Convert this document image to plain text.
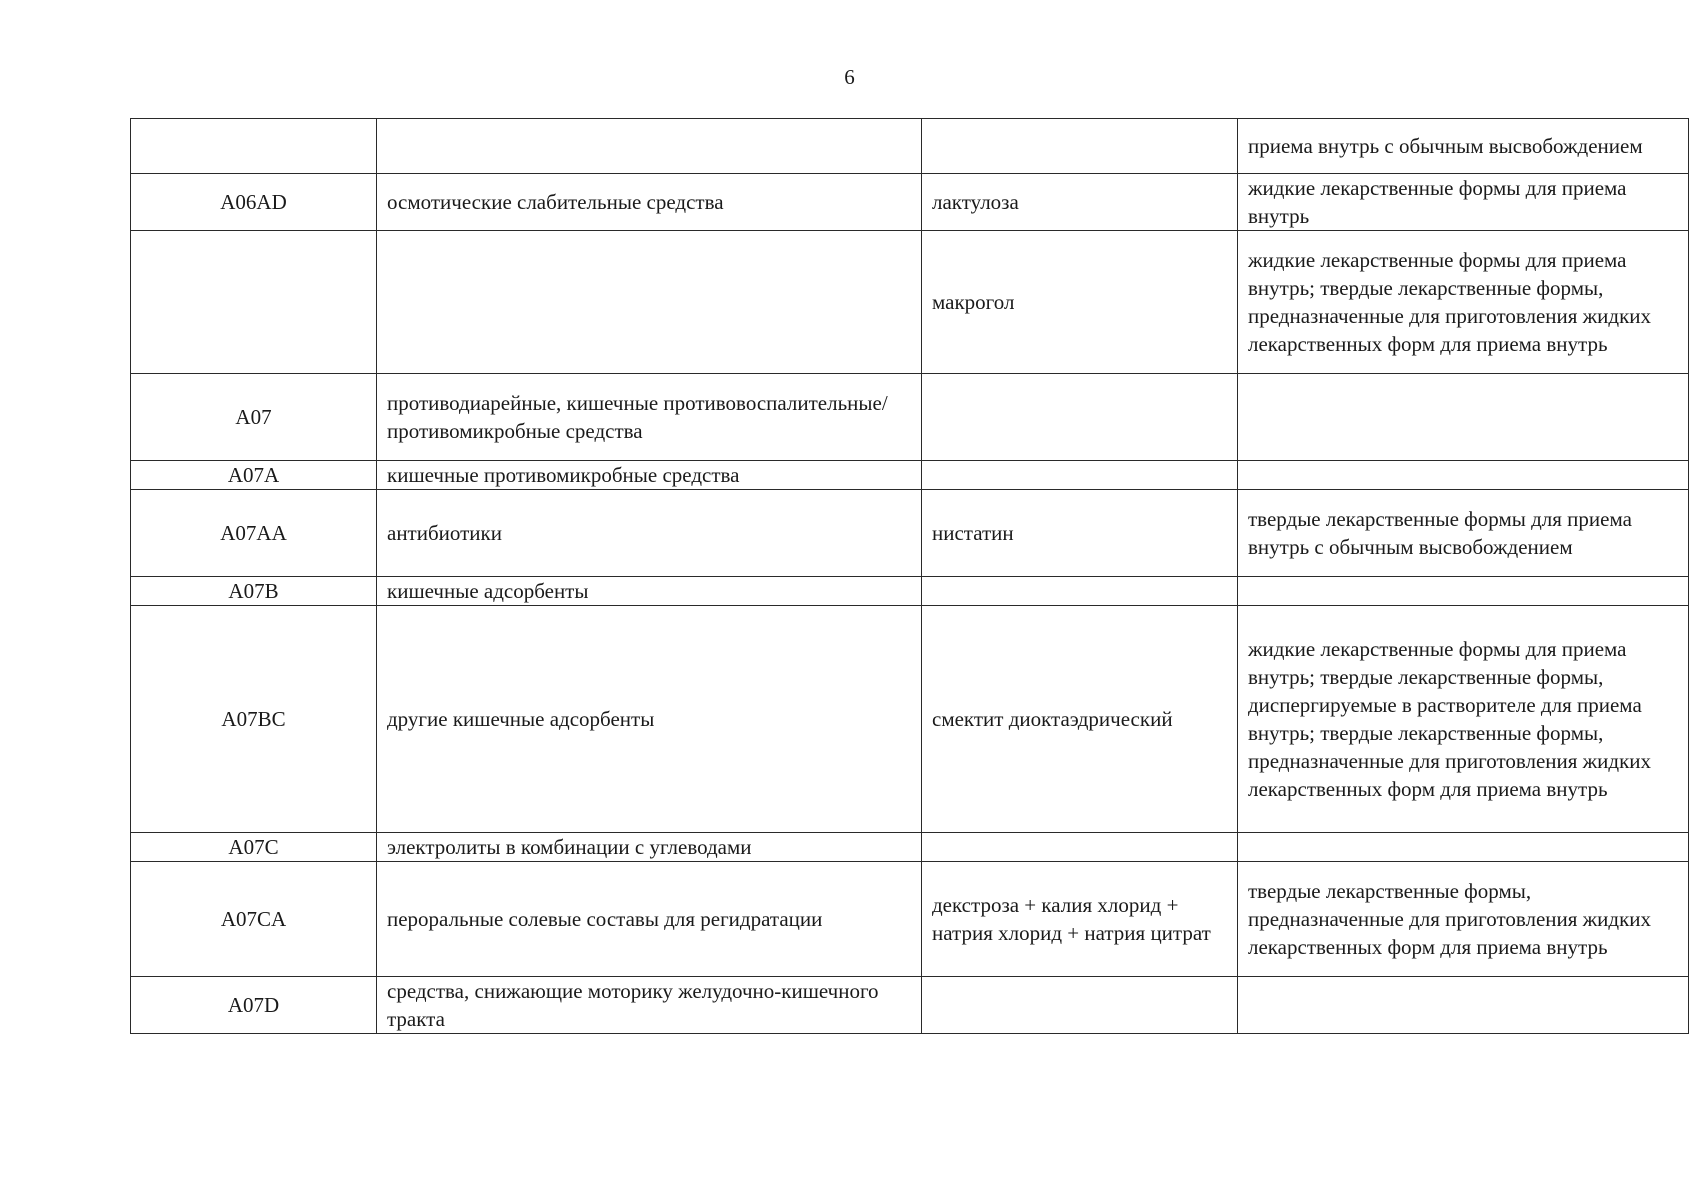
6
			приема внутрь с обычным высвобождением
A06AD	осмотические слабительные средства	лактулоза	жидкие лекарственные формы для приема внутрь
		макрогол	жидкие лекарственные формы для приема внутрь; твердые лекарственные формы, предназначенные для приготовления жидких лекарственных форм для приема внутрь
A07	противодиарейные, кишечные противовоспалительные/ противомикробные средства		
A07A	кишечные противомикробные средства		
A07AA	антибиотики	нистатин	твердые лекарственные формы для приема внутрь с обычным высвобождением
A07B	кишечные адсорбенты		
A07BC	другие кишечные адсорбенты	смектит диоктаэдрический	жидкие лекарственные формы для приема внутрь; твердые лекарственные формы, диспергируемые в растворителе для приема внутрь; твердые лекарственные формы, предназначенные для приготовления жидких лекарственных форм для приема внутрь
A07C	электролиты в комбинации с углеводами		
A07CA	пероральные солевые составы для регидратации	декстроза + калия хлорид + натрия хлорид + натрия цитрат	твердые лекарственные формы, предназначенные для приготовления жидких лекарственных форм для приема внутрь
A07D	средства, снижающие моторику желудочно-кишечного тракта		
